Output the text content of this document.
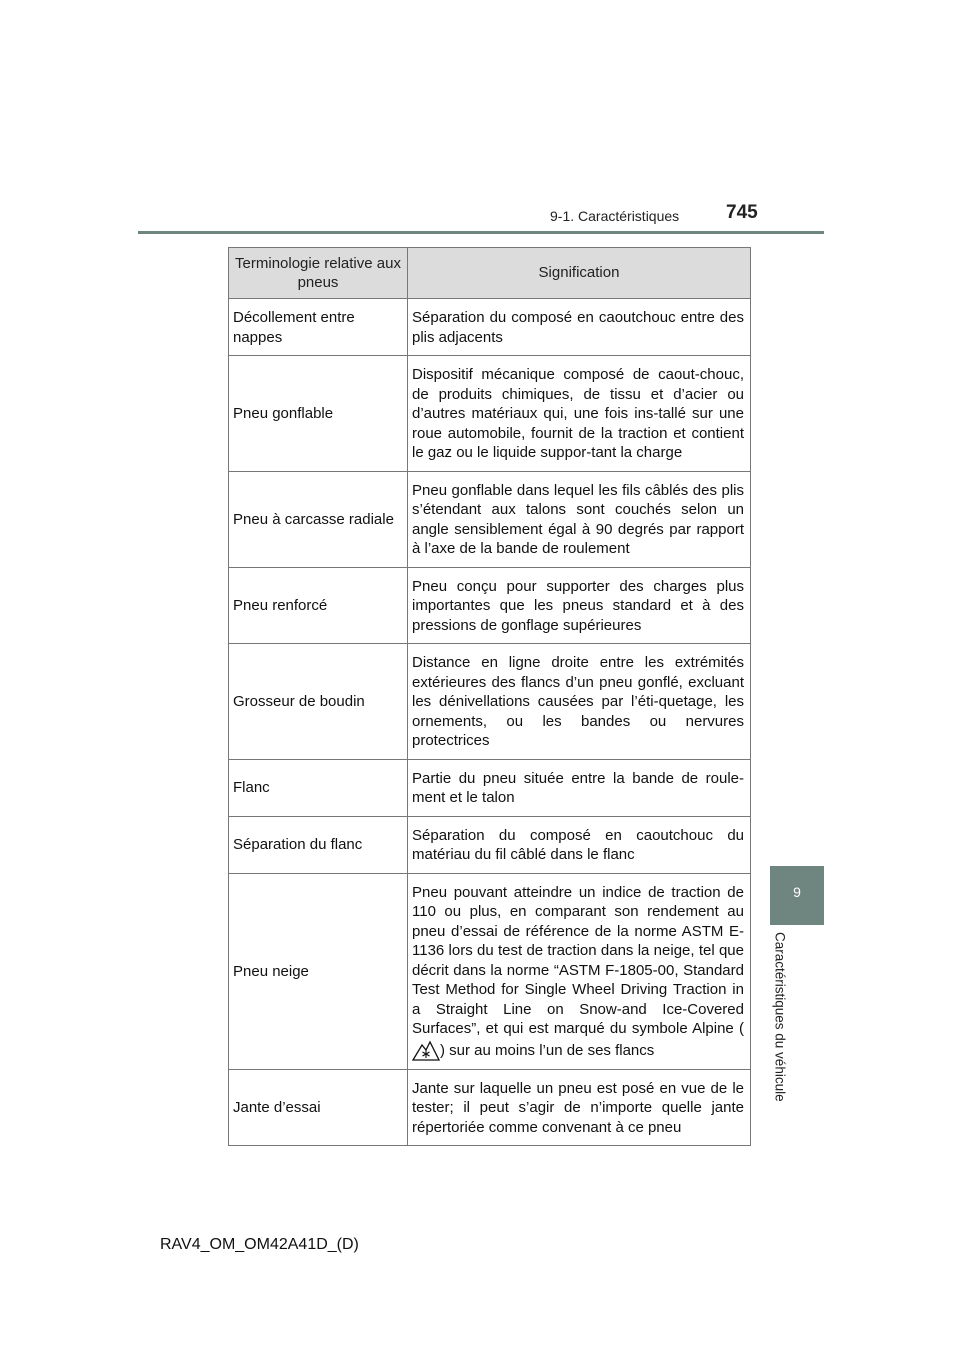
9-1. Caractéristiques 745
9
Caractéristiques du véhicule
Terminologie relative aux pneus	Signification
Décollement entre nappes	Séparation du composé en caoutchouc entre des plis adjacents
Pneu gonflable	Dispositif mécanique composé de caout-chouc, de produits chimiques, de tissu et d’acier ou d’autres matériaux qui, une fois ins-tallé sur une roue automobile, fournit de la traction et contient le gaz ou le liquide suppor-tant la charge
Pneu à carcasse radiale	Pneu gonflable dans lequel les fils câblés des plis s’étendant aux talons sont couchés selon un angle sensiblement égal à 90 degrés par rapport à l’axe de la bande de roulement
Pneu renforcé	Pneu conçu pour supporter des charges plus importantes que les pneus standard et à des pressions de gonflage supérieures
Grosseur de boudin	Distance en ligne droite entre les extrémités extérieures des flancs d’un pneu gonflé, excluant les dénivellations causées par l’éti-quetage, les ornements, ou les bandes ou nervures protectrices
Flanc	Partie du pneu située entre la bande de roule-ment et le talon
Séparation du flanc	Séparation du composé en caoutchouc du matériau du fil câblé dans le flanc
Pneu neige	Pneu pouvant atteindre un indice de traction de 110 ou plus, en comparant son rendement au pneu d’essai de référence de la norme ASTM E-1136 lors du test de traction dans la neige, tel que décrit dans la norme “ASTM F-1805-00, Standard Test Method for Single Wheel Driving Traction in a Straight Line on Snow-and Ice-Covered Surfaces”, et qui est marqué du symbole Alpine () sur au moins l’un de ses flancs
Jante d’essai	Jante sur laquelle un pneu est posé en vue de le tester; il peut s’agir de n’importe quelle jante répertoriée comme convenant à ce pneu
RAV4_OM_OM42A41D_(D)
